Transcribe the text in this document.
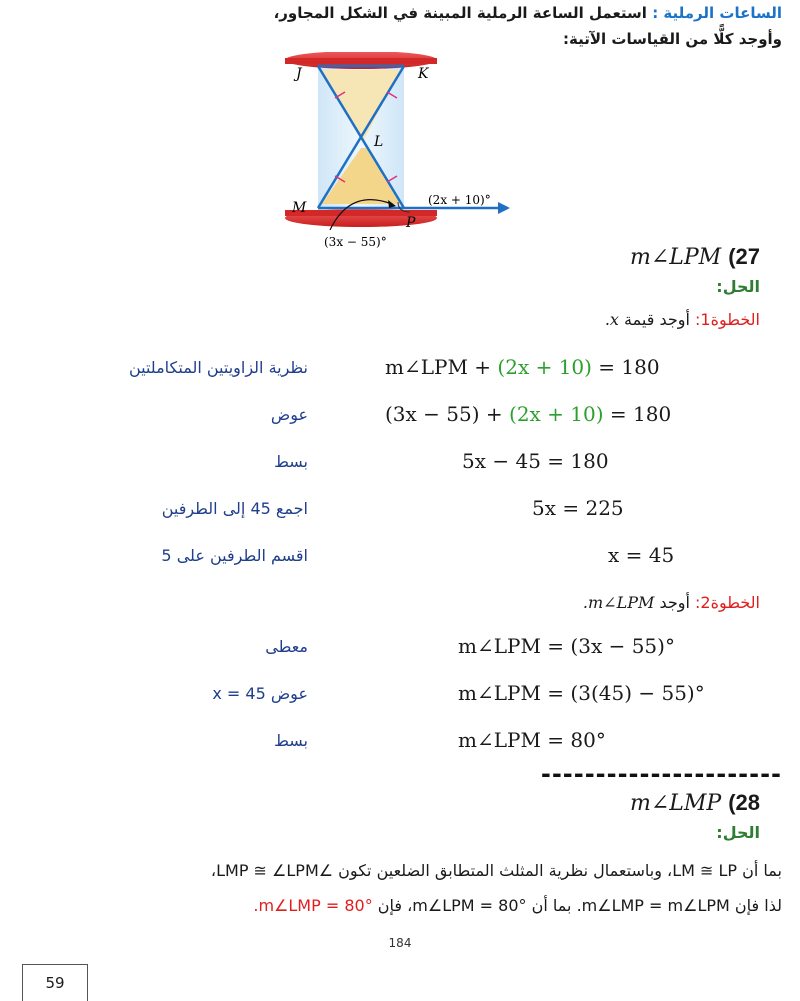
الساعات الرملية : استعمل الساعة الرملية المبينة في الشكل المجاور،
وأوجد كلًّا من القياسات الآتية:
J	K
L
M
P
(2x + 10)°
(3x − 55)°
m∠LPM (27
الحل:
الخطوة1: أوجد قيمة x.
m∠LPM + (2x + 10) = 180
نظرية الزاويتين المتكاملتين
(3x − 55) + (2x + 10) = 180
عوض
5x − 45 = 180
بسط
5x = 225
اجمع 45 إلى الطرفين
x = 45
اقسم الطرفين على 5
الخطوة2: أوجد m∠LPM.
m∠LPM = (3x − 55)°
معطى
m∠LPM = (3(45) − 55)°
عوض x = 45
m∠LPM = 80°
بسط
----------------------
m∠LMP (28
الحل:
بما أن LM ≅ LP، وباستعمال نظرية المثلث المتطابق الضلعين تكون ∠LMP ≅ ∠LPM،
لذا فإن m∠LMP = m∠LPM. بما أن m∠LPM = 80°، فإن m∠LMP = 80°.
184
59
